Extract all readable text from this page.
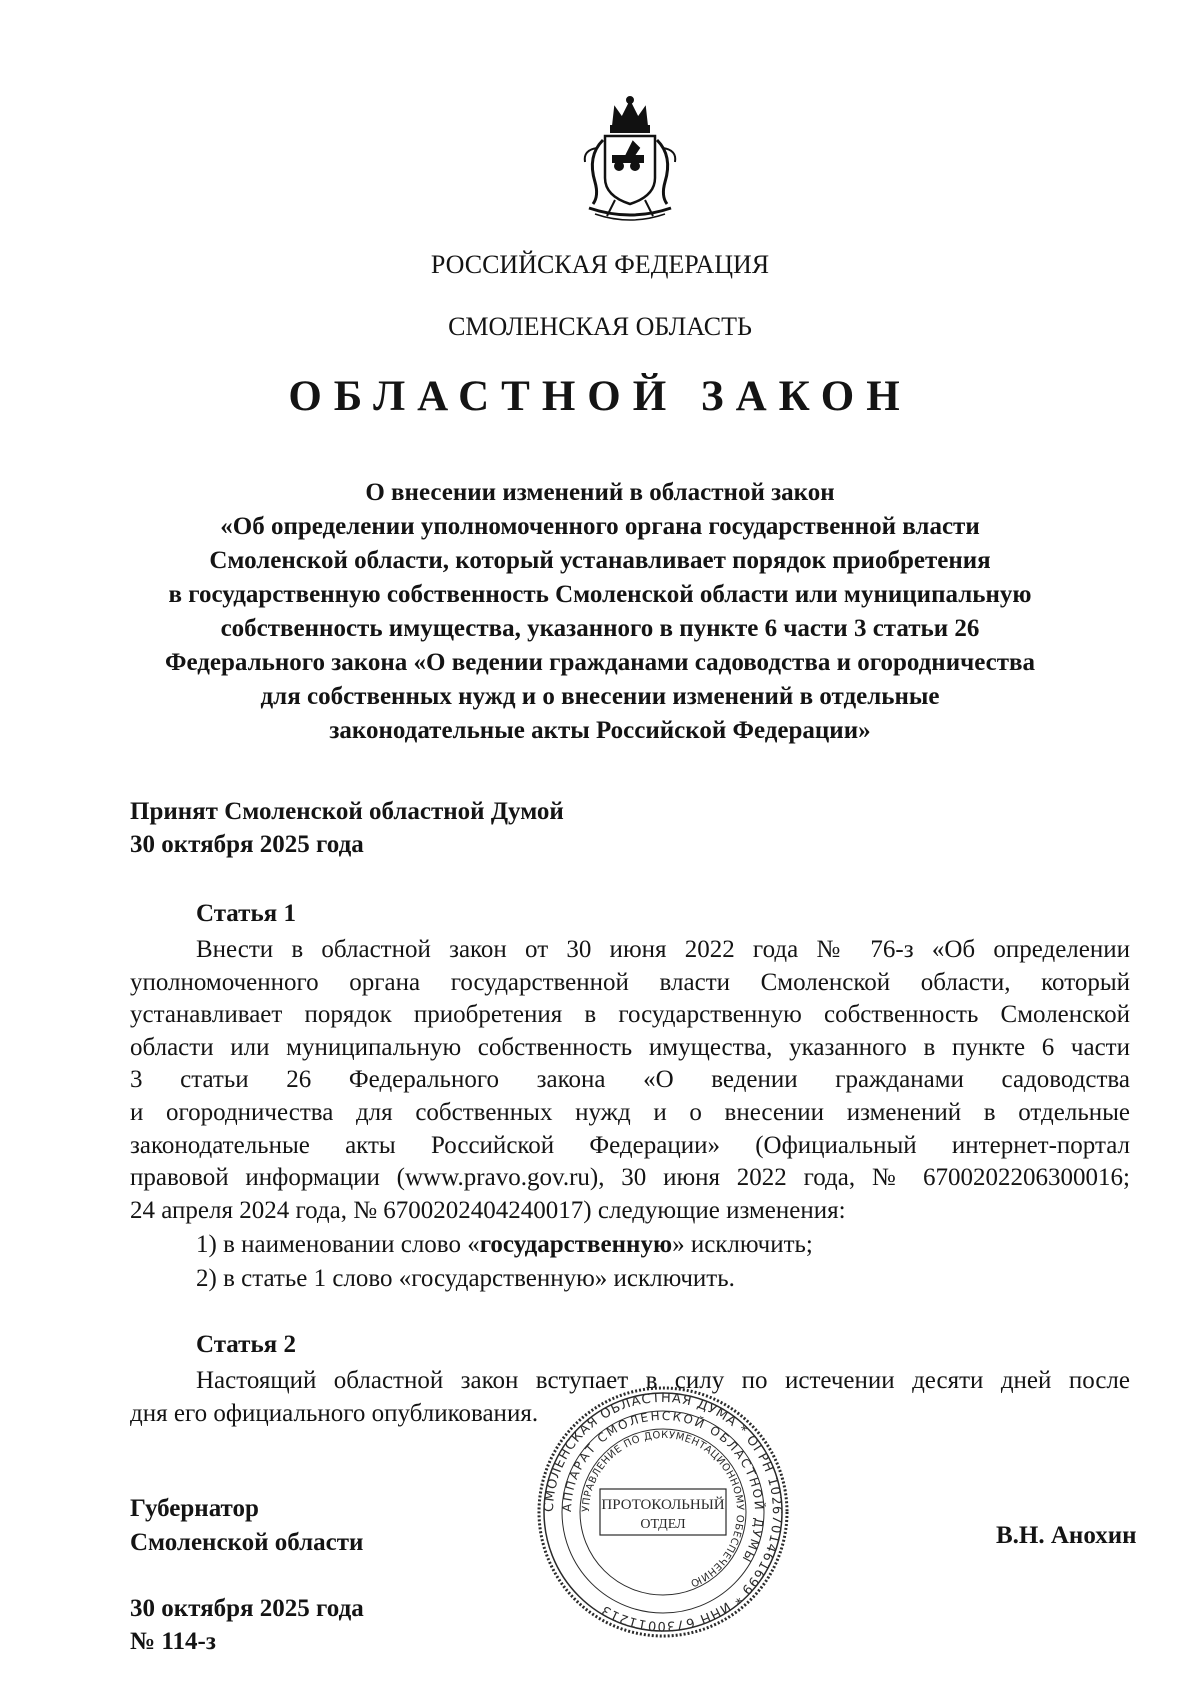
РОССИЙСКАЯ ФЕДЕРАЦИЯ
СМОЛЕНСКАЯ ОБЛАСТЬ
ОБЛАСТНОЙ ЗАКОН
О внесении изменений в областной закон
«Об определении уполномоченного органа государственной власти
Смоленской области, который устанавливает порядок приобретения
в государственную собственность Смоленской области или муниципальную
собственность имущества, указанного в пункте 6 части 3 статьи 26
Федерального закона «О ведении гражданами садоводства и огородничества
для собственных нужд и о внесении изменений в отдельные
законодательные акты Российской Федерации»
Принят Смоленской областной Думой
30 октября 2025 года
Статья 1
Внести в областной закон от 30 июня 2022 года № 76-з «Об определении
уполномоченного органа государственной власти Смоленской области, который
устанавливает порядок приобретения в государственную собственность Смоленской
области или муниципальную собственность имущества, указанного в пункте 6 части
3 статьи 26 Федерального закона «О ведении гражданами садоводства
и огородничества для собственных нужд и о внесении изменений в отдельные
законодательные акты Российской Федерации» (Официальный интернет-портал
правовой информации (www.pravo.gov.ru), 30 июня 2022 года, № 6700202206300016;
24 апреля 2024 года, № 6700202404240017) следующие изменения:
1) в наименовании слово «государственную» исключить;
2) в статье 1 слово «государственную» исключить.
Статья 2
Настоящий областной закон вступает в силу по истечении десяти дней после
дня его официального опубликования.
СМОЛЕНСКАЯ ОБЛАСТНАЯ ДУМА * ОГРН 1026701461699 * ИНН 6730011213
АППАРАТ СМОЛЕНСКОЙ ОБЛАСТНОЙ ДУМЫ
УПРАВЛЕНИЕ ПО ДОКУМЕНТАЦИОННОМУ ОБЕСПЕЧЕНИЮ
ПРОТОКОЛЬНЫЙ
ОТДЕЛ
Губернатор
Смоленской области	В.Н. Анохин
30 октября 2025 года
№ 114-з
